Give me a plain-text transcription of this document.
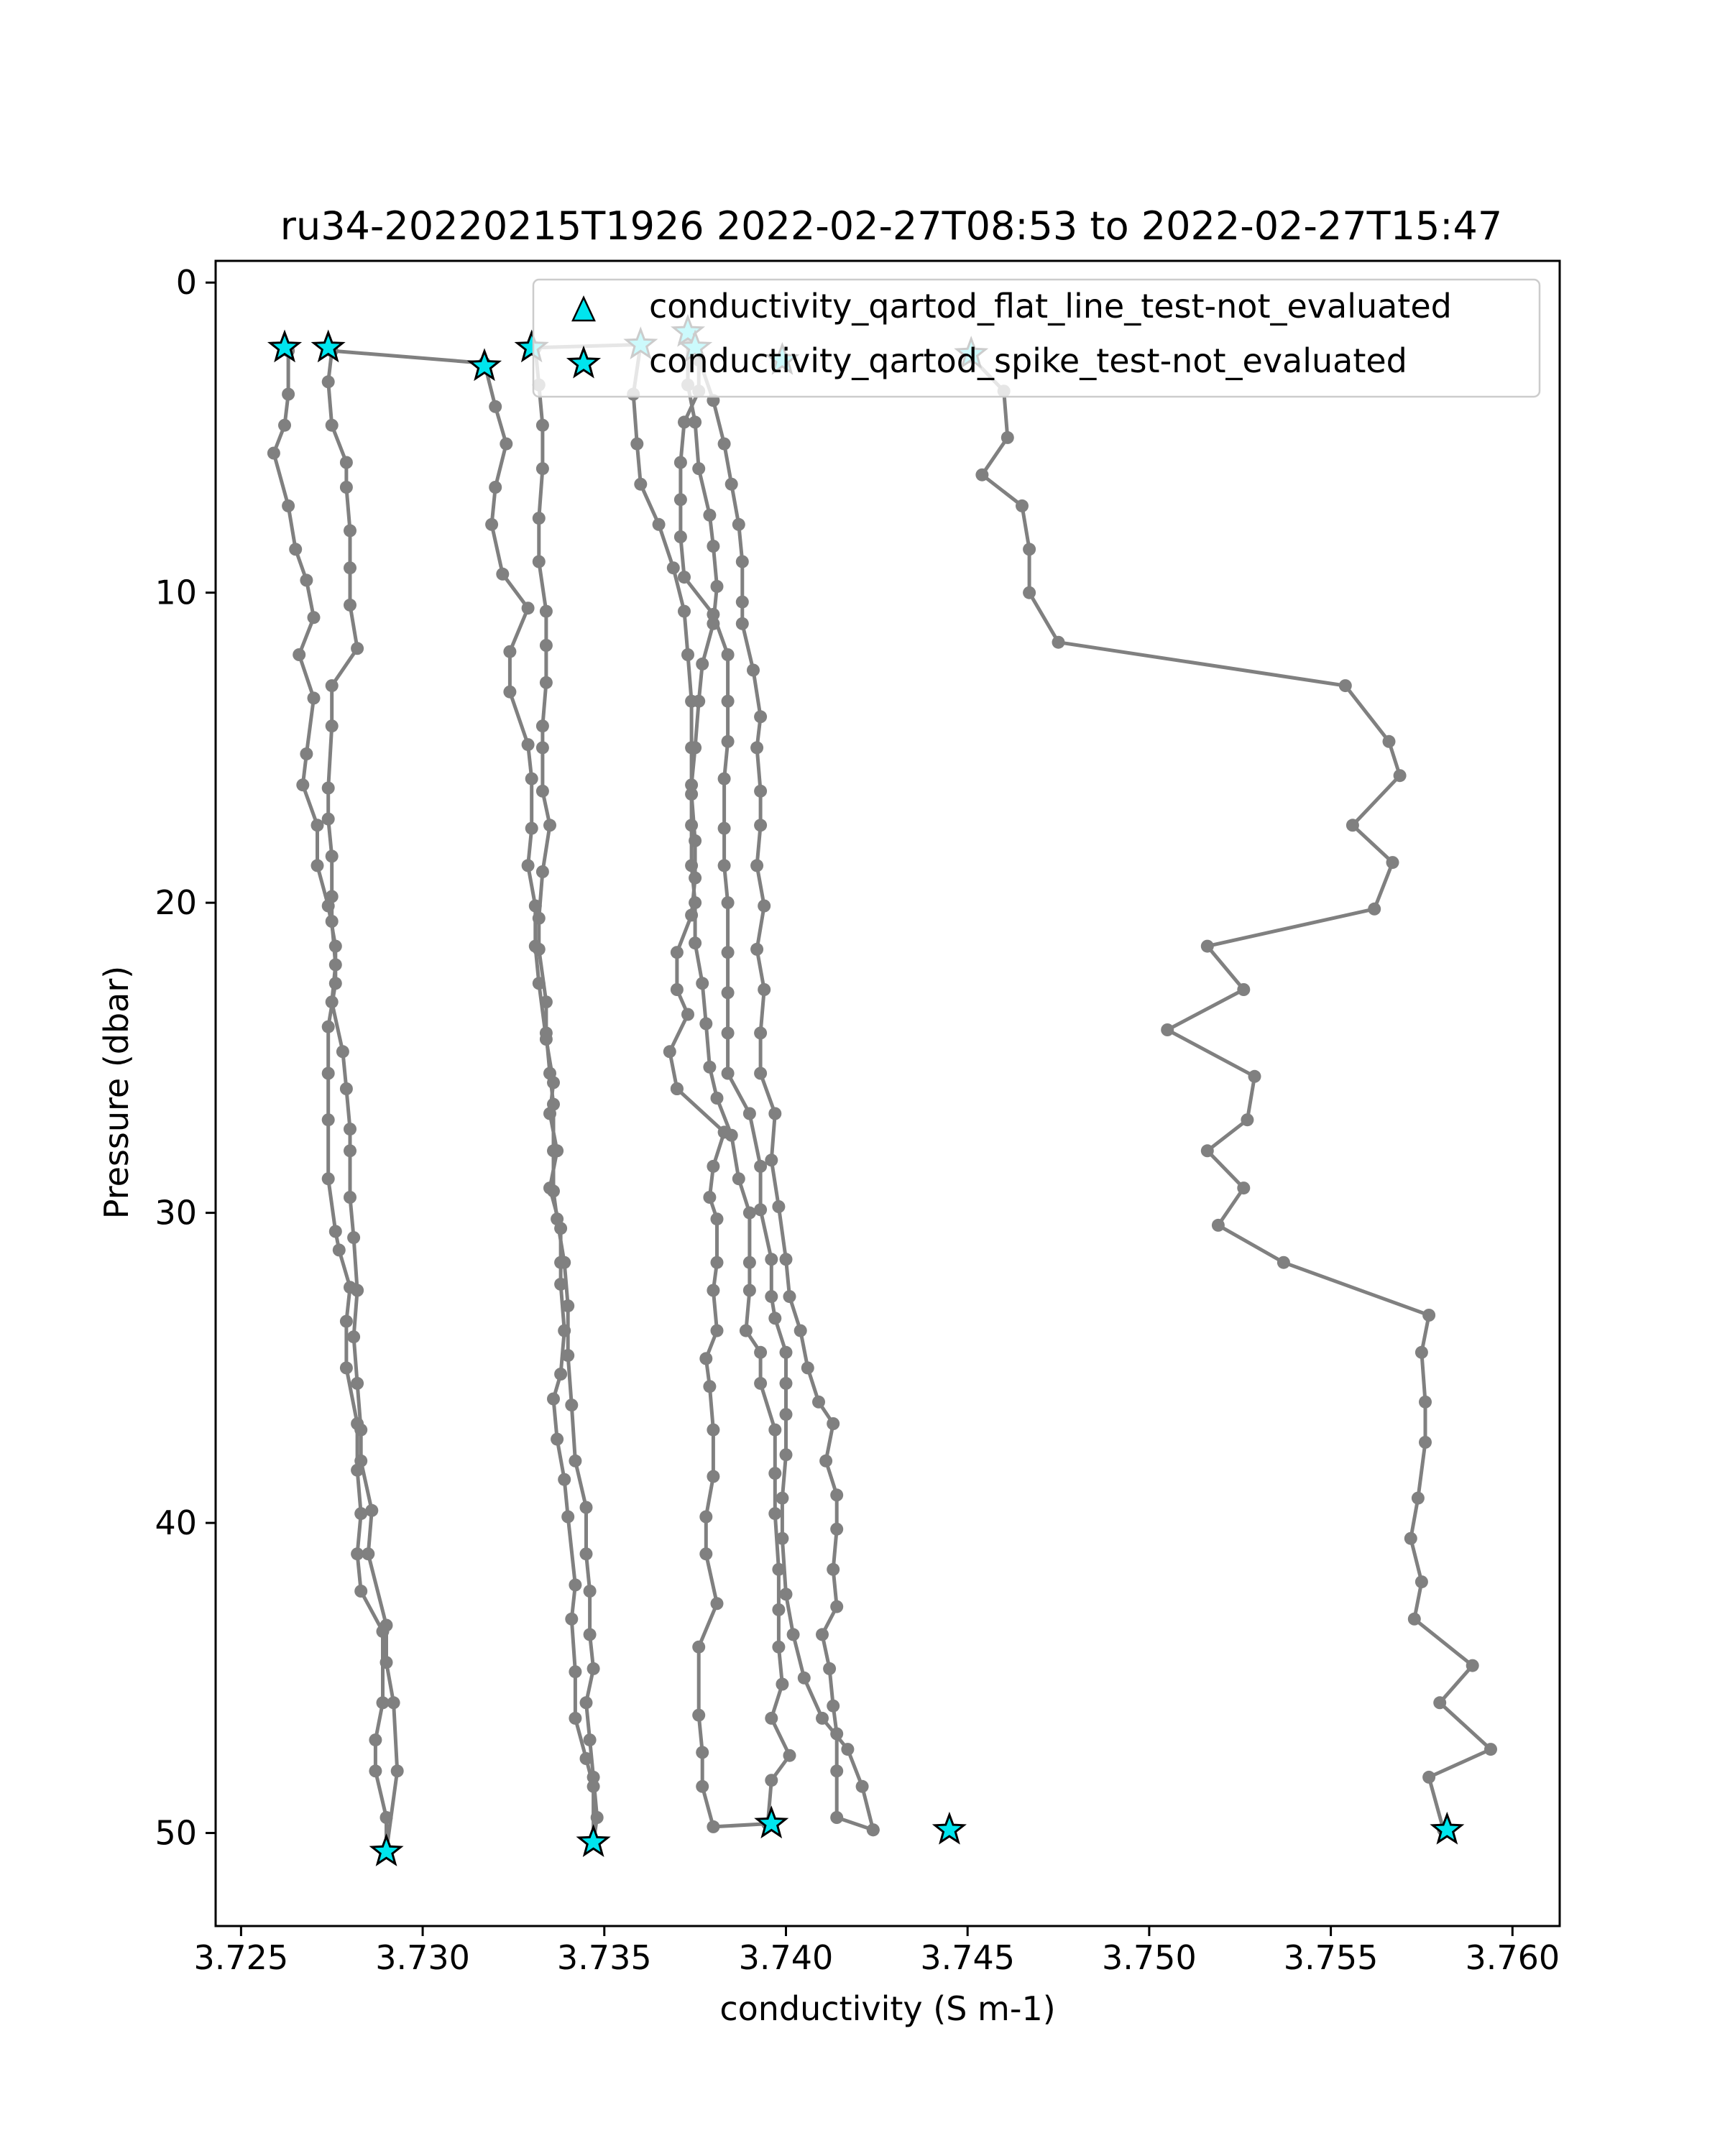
ru34-20220215T1926 2022-02-27T08:53 to 2022-02-27T15:47
3.725	3.730	3.735	3.740	3.745	3.750	3.755	3.760
0
10
20
30
40
50
conductivity (S m-1)
Pressure (dbar)
conductivity_qartod_flat_line_test-not_evaluated
conductivity_qartod_spike_test-not_evaluated
